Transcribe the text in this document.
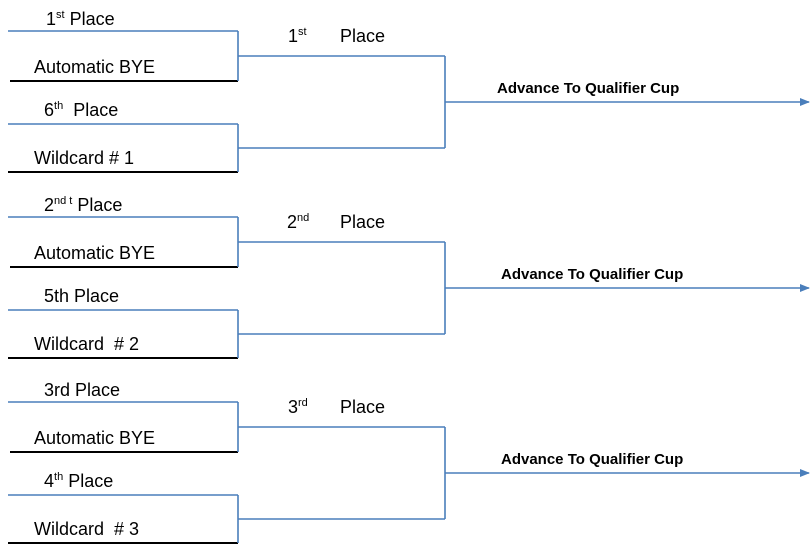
1st Place
Automatic BYE
6th  Place
Wildcard # 1
1st Place
Advance To Qualifier Cup
$2^{nd t}$ Place
Automatic BYE
5th Place
Wildcard  # 2
2nd Place
Advance To Qualifier Cup
3rd Place
Automatic BYE
4th Place
Wildcard  # 3
3rd Place
Advance To Qualifier Cup
